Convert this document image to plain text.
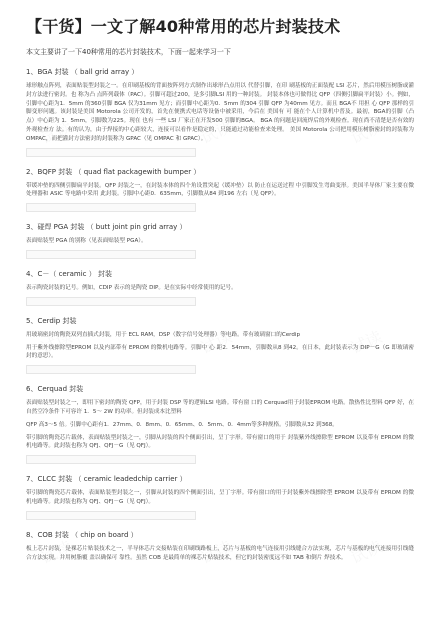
【干货】一文了解40种常用的芯片封装技术

本文主要讲了一下40种常用的芯片封装技术，下面一起来学习一下

1、BGA 封装 （ ball grid array ）

球形触点阵列，表面贴装型封装之一。在印刷基板的背面按阵列方式制作出球形凸点用以 代替引脚，在印 刷基板的正面装配 LSI 芯片，然后用模压树脂或灌封方法进行密封。也 称为凸 点阵列载体（PAC）。引脚可超过200，是多引脚LSI 用的一种封装。 封装本体也可做得比 QFP（四侧引脚扁平封装）小。例如，引脚中心距为1．5mm 的360引脚 BGA 仅为31mm 见方；而引脚中心距为0．5mm 的304 引脚 QFP 为40mm 见方。而且 BGA不 用担 心 QFP 那样的引脚变形问题。该封装是美国 Motorola 公司开发的，首先在便携式电话等设备中被采用，今后在 美国有 可 能在个人计算机中普及。最初，BGA的引脚（凸点）中心距为 1．5mm，引脚数为225。现在 也有 一些 LSI 厂家正在开发500 引脚的BGA。 BGA 的问题是回流焊后的外观检查。现在尚不清楚是否有效的外观检查方 法。有的认为，由于焊接的中心距较大，连接可以看作是稳定的，只能通过功能检查来处理。 美国 Motorola 公司把用模压树脂密封的封装称为 OMPAC，而把灌封方法密封的封装称为 GPAC（见 OMPAC 和 GPAC）。

2、BQFP 封装 （ quad flat packagewith bumper ）

带缓冲垫的四侧引脚扁平封装。QFP 封装之一，在封装本体的四个角设置突起（缓冲垫）以 防止在运送过程 中引脚发生弯曲变形。美国半导体厂家主要在微处理器和 ASIC 等电路中采用 此封装。引脚中心距0．635mm，引脚数从84 到196 左右（见 QFP）。

3、碰焊 PGA 封装 （ butt joint pin grid array ）

表面贴装型 PGA 的别称（见表面贴装型 PGA）。

4、C－（ ceramic ） 封装

表示陶瓷封装的记号。例如，CDIP 表示的是陶瓷 DIP。是在实际中经常使用的记号。

5、Cerdip 封装

用玻璃密封的陶瓷双列直插式封装，用于 ECL RAM，DSP（数字信号处理器）等电路。带有玻璃窗口的Cerdip

用于紫外线擦除型EPROM 以及内部带有 EPROM 的微机电路等。引脚中 心 距2．54mm，引脚数从8 到42。在日本，此封装表示为 DIP－G（G 即玻璃密封的意思）。

6、Cerquad 封装

表面贴装型封装之一，即用下密封的陶瓷 QFP，用于封装 DSP 等的逻辑LSI 电路。带有窗 口的 Cerquad用于封装EPROM 电路。散热性比塑料 QFP 好，在自然空冷条件下可容许 1．5～ 2W 的功率。但封装成本比塑料

QFP 高3～5 倍。引脚中心距有1．27mm、0．8mm、0．65mm、0．5mm、0．4mm等多种规格。引脚数从32 到368。

带引脚的陶瓷芯片载体，表面贴装型封装之一，引脚从封装的四个侧面引出，呈丁字形。带有窗口的用于 封装紫外线擦除型 EPROM 以及带有 EPROM 的微机电路等。此封装也称为 QFJ、QFJ－G（见 QFJ）。

7、CLCC 封装 （ ceramic leadedchip carrier ）

带引脚的陶瓷芯片载体，表面贴装型封装之一，引脚从封装的四个侧面引出，呈丁字形。带有窗口的用于封装紫外线擦除型 EPROM 以及带有 EPROM 的微机电路等。此封装也称为 QFJ、QFJ－G（见 QFJ）。

8、COB 封装 （ chip on board ）

板上芯片封装，是裸芯片贴装技术之一，半导体芯片交接贴装在印刷线路板上，芯片与基板的电气连接用引线缝合方法实现，芯片与基板的电气连接用引线缝合方法实现，并用树脂覆 盖以确保可 靠性。虽然 COB 是最简单的裸芯片贴装技术，但它的封装密度远不如 TAB 和倒片 焊技术。
